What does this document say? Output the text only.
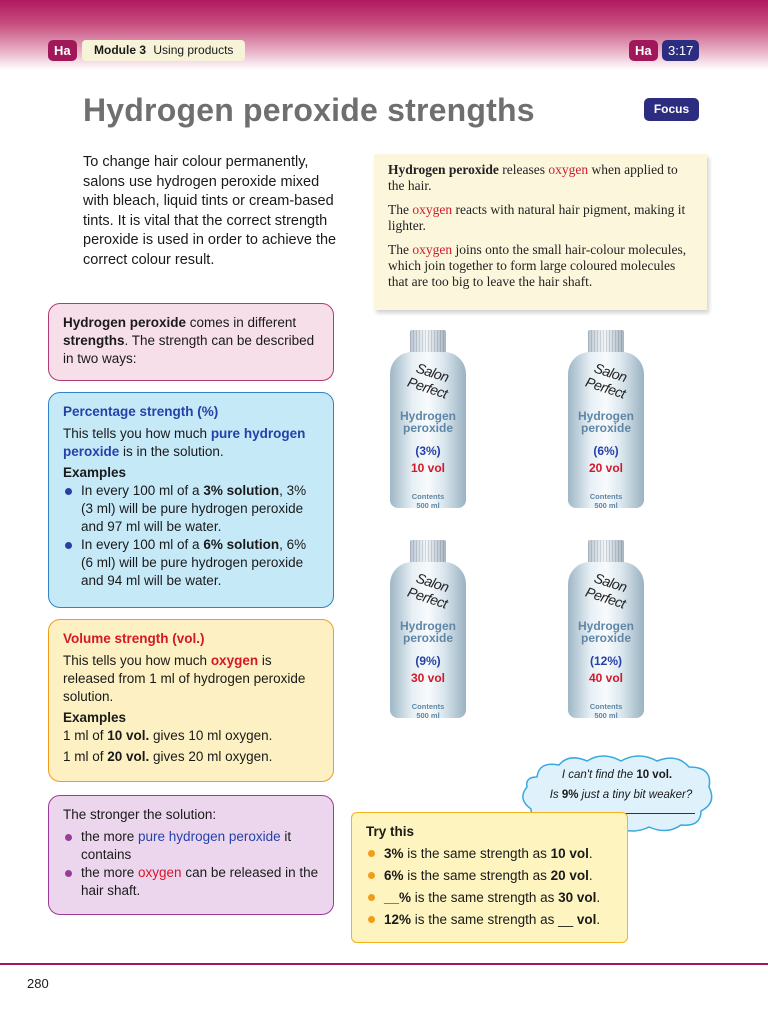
Ha	Module 3 Using products	Ha	3:17
Hydrogen peroxide strengths	Focus

To change hair colour permanently, salons use hydrogen peroxide mixed with bleach, liquid tints or cream-based tints. It is vital that the correct strength peroxide is used in order to achieve the correct colour result.

Hydrogen peroxide releases oxygen when applied to the hair.

The oxygen reacts with natural hair pigment, making it lighter.

The oxygen joins onto the small hair-colour molecules, which join together to form large coloured molecules that are too big to leave the hair shaft.

Hydrogen peroxide comes in different strengths. The strength can be described in two ways:
Percentage strength (%)
This tells you how much pure hydrogen peroxide is in the solution.
Examples
In every 100 ml of a 3% solution, 3% (3 ml) will be pure hydrogen peroxide and 97 ml will be water.
In every 100 ml of a 6% solution, 6% (6 ml) will be pure hydrogen peroxide and 94 ml will be water.
Volume strength (vol.)
This tells you how much oxygen is released from 1 ml of hydrogen peroxide solution.
Examples
1 ml of 10 vol. gives 10 ml oxygen.
1 ml of 20 vol. gives 20 ml oxygen.
The stronger the solution:
the more pure hydrogen peroxide it contains
the more oxygen can be released in the hair shaft.
Salon Perfect
Hydrogen
peroxide
(3%)
10 vol
Contents
500 ml
Salon Perfect
Hydrogen
peroxide
(6%)
20 vol
Contents
500 ml
Salon Perfect
Hydrogen
peroxide
(9%)
30 vol
Contents
500 ml
Salon Perfect
Hydrogen
peroxide
(12%)
40 vol
Contents
500 ml
I can't find the 10 vol.
Is 9% just a tiny bit weaker?
Try this
3% is the same strength as 10 vol.
6% is the same strength as 20 vol.
__% is the same strength as 30 vol.
12% is the same strength as __ vol.
280
